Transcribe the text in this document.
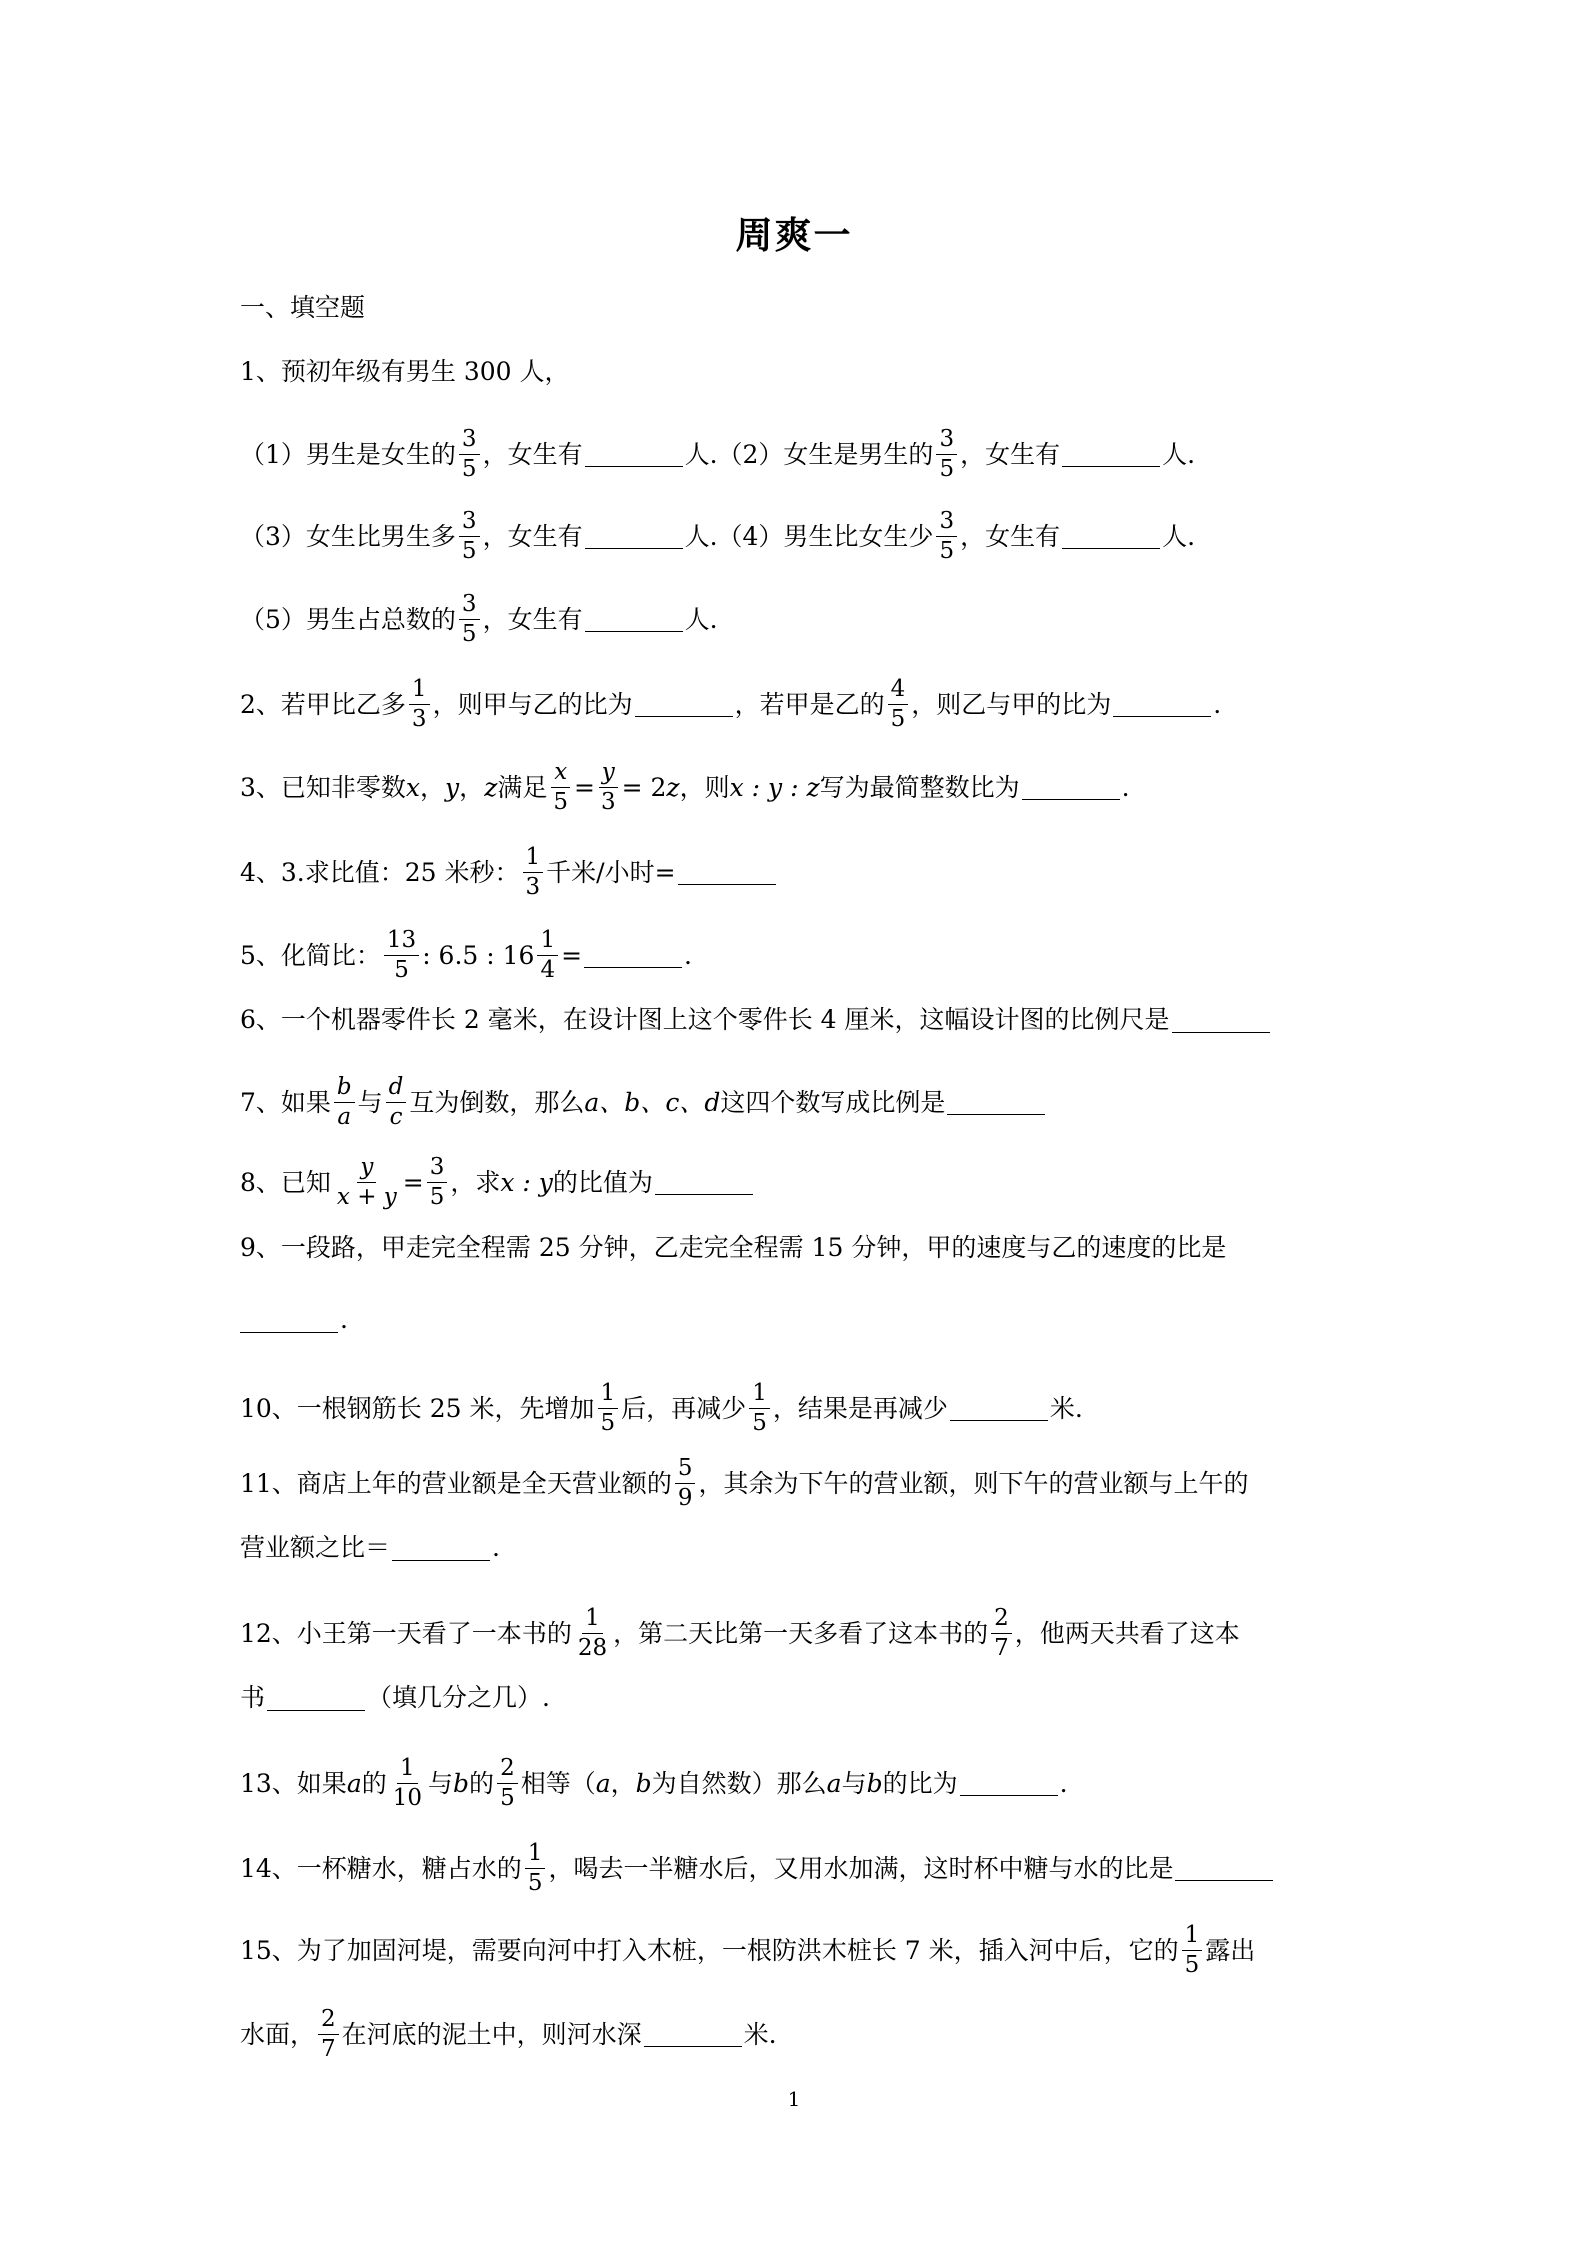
周爽一
一、填空题
1、预初年级有男生 300 人，
（1）男生是女生的 $\frac{3}{5}$ ，女生有	人.（2）女生是男生的 $\frac{3}{5}$ ，女生有	人.
（3）女生比男生多 $\frac{3}{5}$ ，女生有	人.（4）男生比女生少 $\frac{3}{5}$ ，女生有	人.
（5）男生占总数的 $\frac{3}{5}$ ，女生有	人.
2、若甲比乙多 $\frac{1}{3}$ ，则甲与乙的比为	，若甲是乙的 $\frac{4}{5}$ ，则乙与甲的比为	.
3、已知非零数 x ， y ， z 满足 $\frac{x}{5} = \frac{y}{3} = 2$ z ，则 x : y : z 写为最简整数比为	.
4、3.求比值：25 米秒： $\frac{1}{3}$ 千米/小时=
5、化简比： $\frac{13}{5}$ : 6.5 : $16 \frac{1}{4}$ =	.
6、一个机器零件长 2 毫米，在设计图上这个零件长 4 厘米，这幅设计图的比例尺是
7、如果 $\frac{b}{a}$ 与 $\frac{d}{c}$ 互为倒数，那么 a、b、c、d 这四个数写成比例是
8、已知 $\frac{y}{x + y} = \frac{3}{5}$ ，求 x : y 的比值为
9、一段路，甲走完全程需 25 分钟，乙走完全程需 15 分钟，甲的速度与乙的速度的比是
.
10、一根钢筋长 25 米，先增加 $\frac{1}{5}$ 后，再减少 $\frac{1}{5}$ ，结果是再减少	米.
11、商店上年的营业额是全天营业额的 $\frac{5}{9}$ ，其余为下午的营业额，则下午的营业额与上午的
营业额之比＝	.
12、小王第一天看了一本书的 $\frac{1}{28}$ ，第二天比第一天多看了这本书的 $\frac{2}{7}$ ，他两天共看了这本
书	（填几分之几）.
13、如果 a 的 $\frac{1}{10}$ 与 b 的 $\frac{2}{5}$ 相等（ a ， b 为自然数）那么 a 与 b 的比为	.
14、一杯糖水，糖占水的 $\frac{1}{5}$ ，喝去一半糖水后，又用水加满，这时杯中糖与水的比是
15、为了加固河堤，需要向河中打入木桩，一根防洪木桩长 7 米，插入河中后，它的 $\frac{1}{5}$ 露出
水面， $\frac{2}{7}$ 在河底的泥土中，则河水深	米.
1
